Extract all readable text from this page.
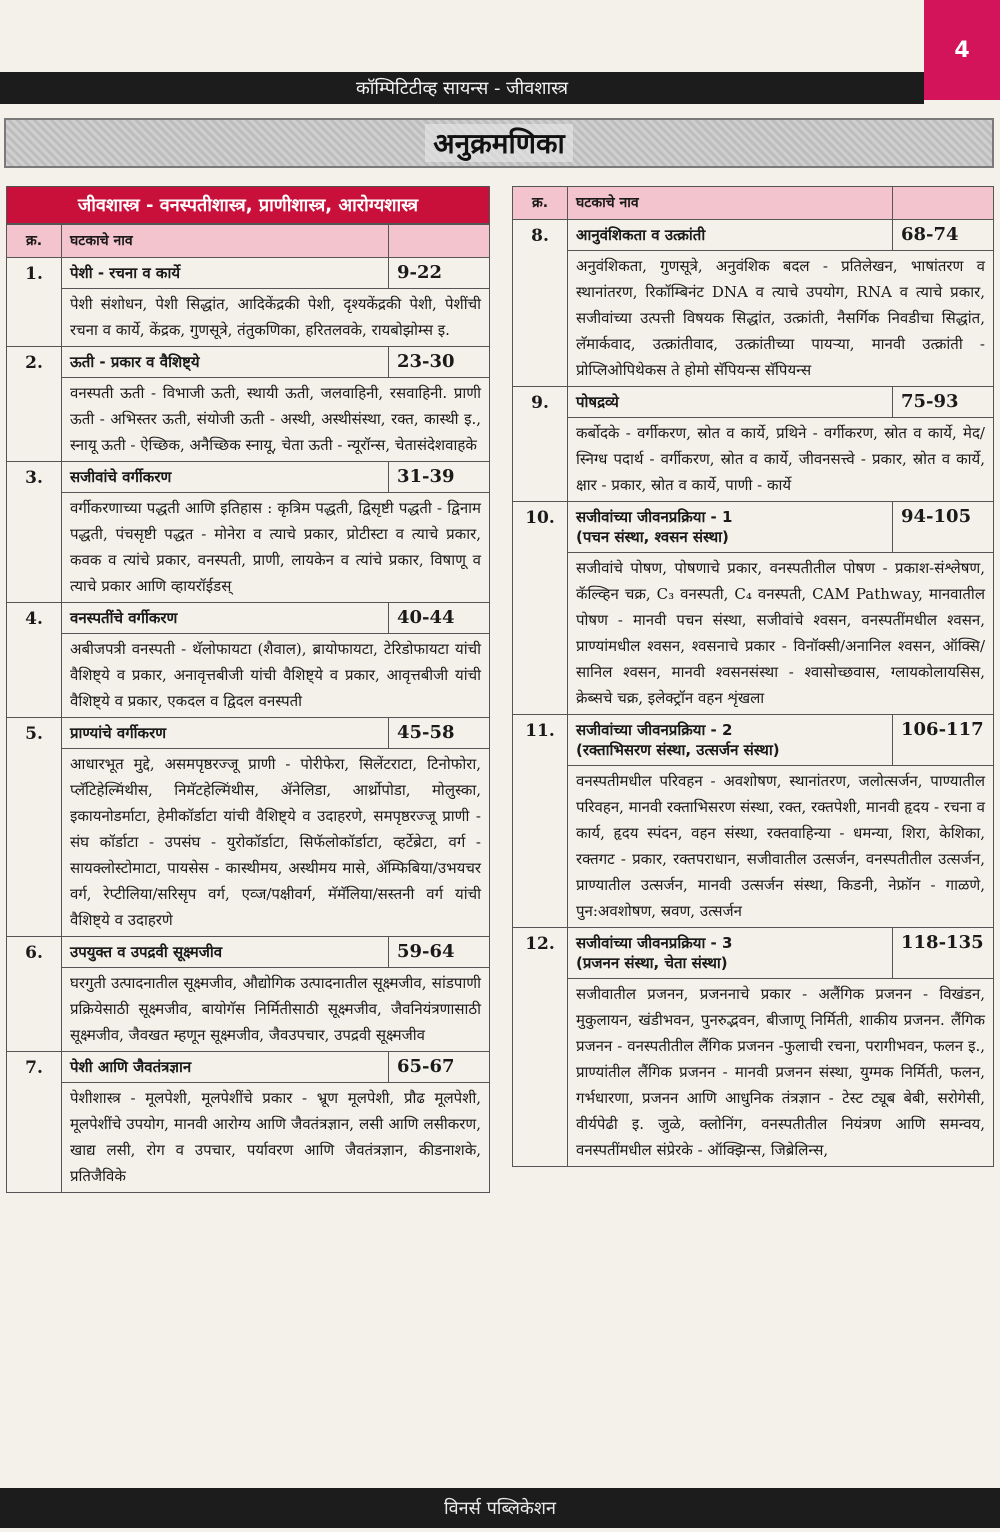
4
कॉम्पिटिटीव्ह सायन्स - जीवशास्त्र
अनुक्रमणिका
जीवशास्त्र - वनस्पतीशास्त्र, प्राणीशास्त्र, आरोग्यशास्त्र
क्र.	घटकाचे नाव	
1.	पेशी - रचना व कार्ये	9-22
	पेशी संशोधन, पेशी सिद्धांत, आदिकेंद्रकी पेशी, दृश्यकेंद्रकी पेशी, पेशींची रचना व कार्ये, केंद्रक, गुणसूत्रे, तंतुकणिका, हरितलवके, रायबोझोम्स इ.	
2.	ऊती - प्रकार व वैशिष्ट्ये	23-30
	वनस्पती ऊती - विभाजी ऊती, स्थायी ऊती, जलवाहिनी, रसवाहिनी. प्राणी ऊती - अभिस्तर ऊती, संयोजी ऊती - अस्थी, अस्थीसंस्था, रक्त, कास्थी इ., स्नायू ऊती - ऐच्छिक, अनैच्छिक स्नायू, चेता ऊती - न्यूरॉन्स, चेतासंदेशवाहके	
3.	सजीवांचे वर्गीकरण	31-39
	वर्गीकरणाच्या पद्धती आणि इतिहास : कृत्रिम पद्धती, द्विसृष्टी पद्धती - द्विनाम पद्धती, पंचसृष्टी पद्धत - मोनेरा व त्याचे प्रकार, प्रोटीस्टा व त्याचे प्रकार, कवक व त्यांचे प्रकार, वनस्पती, प्राणी, लायकेन व त्यांचे प्रकार, विषाणू व त्याचे प्रकार आणि व्हायरॉईडस्	
4.	वनस्पतींचे वर्गीकरण	40-44
	अबीजपत्री वनस्पती - थॅलोफायटा (शैवाल), ब्रायोफायटा, टेरिडोफायटा यांची वैशिष्ट्ये व प्रकार, अनावृत्तबीजी यांची वैशिष्ट्ये व प्रकार, आवृत्तबीजी यांची वैशिष्ट्ये व प्रकार, एकदल व द्विदल वनस्पती	
5.	प्राण्यांचे वर्गीकरण	45-58
	आधारभूत मुद्दे, असमपृष्ठरज्जू प्राणी - पोरीफेरा, सिलेंटराटा, टिनोफोरा, प्लॅटिहेल्मिंथीस, निमॅटहेल्मिंथीस, ॲनेलिडा, आर्थ्रोपोडा, मोलुस्का, इकायनोडर्माटा, हेमीकॉर्डाटा यांची वैशिष्ट्ये व उदाहरणे, समपृष्ठरज्जू प्राणी - संघ कॉर्डाटा - उपसंघ - युरोकॉर्डाटा, सिफॅलोकॉर्डाटा, व्हर्टेब्रेटा, वर्ग - सायक्लोस्टोमाटा, पायसेस - कास्थीमय, अस्थीमय मासे, ॲम्फिबिया/उभयचर वर्ग, रेप्टीलिया/सरिसृप वर्ग, एव्ज/पक्षीवर्ग, मॅमॅलिया/सस्तनी वर्ग यांची वैशिष्ट्ये व उदाहरणे	
6.	उपयुक्त व उपद्रवी सूक्ष्मजीव	59-64
	घरगुती उत्पादनातील सूक्ष्मजीव, औद्योगिक उत्पादनातील सूक्ष्मजीव, सांडपाणी प्रक्रियेसाठी सूक्ष्मजीव, बायोगॅस निर्मितीसाठी सूक्ष्मजीव, जैवनियंत्रणासाठी सूक्ष्मजीव, जैवखत म्हणून सूक्ष्मजीव, जैवउपचार, उपद्रवी सूक्ष्मजीव	
7.	पेशी आणि जैवतंत्रज्ञान	65-67
	पेशीशास्त्र - मूलपेशी, मूलपेशींचे प्रकार - भ्रूण मूलपेशी, प्रौढ मूलपेशी, मूलपेशींचे उपयोग, मानवी आरोग्य आणि जैवतंत्रज्ञान, लसी आणि लसीकरण, खाद्य लसी, रोग व उपचार, पर्यावरण आणि जैवतंत्रज्ञान, कीडनाशके, प्रतिजैविके	
क्र.	घटकाचे नाव	
8.	आनुवंशिकता व उत्क्रांती	68-74
	अनुवंशिकता, गुणसूत्रे, अनुवंशिक बदल - प्रतिलेखन, भाषांतरण व स्थानांतरण, रिकॉम्बिनंट DNA व त्याचे उपयोग, RNA व त्याचे प्रकार, सजीवांच्या उत्पत्ती विषयक सिद्धांत, उत्क्रांती, नैसर्गिक निवडीचा सिद्धांत, लॅमार्कवाद, उत्क्रांतीवाद, उत्क्रांतीच्या पायऱ्या, मानवी उत्क्रांती - प्रोप्लिओपिथेकस ते होमो सॅपियन्स सॅपियन्स	
9.	पोषद्रव्ये	75-93
	कर्बोदके - वर्गीकरण, स्रोत व कार्ये, प्रथिने - वर्गीकरण, स्रोत व कार्ये, मेद/स्निग्ध पदार्थ - वर्गीकरण, स्रोत व कार्ये, जीवनसत्त्वे - प्रकार, स्रोत व कार्ये, क्षार - प्रकार, स्रोत व कार्ये, पाणी - कार्ये	
10.	सजीवांच्या जीवनप्रक्रिया - 1
(पचन संस्था, श्‍वसन संस्था)	94-105
	सजीवांचे पोषण, पोषणाचे प्रकार, वनस्पतीतील पोषण - प्रकाश-संश्लेषण, कॅल्व्हिन चक्र, C₃ वनस्पती, C₄ वनस्पती, CAM Pathway, मानवातील पोषण - मानवी पचन संस्था, सजीवांचे श्‍वसन, वनस्पतींमधील श्‍वसन, प्राण्यांमधील श्‍वसन, श्‍वसनाचे प्रकार - विनॉक्सी/अनानिल श्‍वसन, ऑक्सि/सानिल श्‍वसन, मानवी श्‍वसनसंस्था - श्‍वासोच्छवास, ग्लायकोलायसिस, क्रेब्सचे चक्र, इलेक्ट्रॉन वहन शृंखला	
11.	सजीवांच्या जीवनप्रक्रिया - 2
(रक्ताभिसरण संस्था, उत्सर्जन संस्था)	106-117
	वनस्पतीमधील परिवहन - अवशोषण, स्थानांतरण, जलोत्सर्जन, पाण्यातील परिवहन, मानवी रक्ताभिसरण संस्था, रक्त, रक्तपेशी, मानवी हृदय - रचना व कार्य, हृदय स्पंदन, वहन संस्था, रक्तवाहिन्या - धमन्या, शिरा, केशिका, रक्तगट - प्रकार, रक्तपराधान, सजीवातील उत्सर्जन, वनस्पतीतील उत्सर्जन, प्राण्यातील उत्सर्जन, मानवी उत्सर्जन संस्था, किडनी, नेफ्रॉन - गाळणे, पुन:अवशोषण, स्रवण, उत्सर्जन	
12.	सजीवांच्या जीवनप्रक्रिया - 3
(प्रजनन संस्था, चेता संस्था)	118-135
	सजीवातील प्रजनन, प्रजननाचे प्रकार - अलैंगिक प्रजनन - विखंडन, मुकुलायन, खंडीभवन, पुनरुद्भवन, बीजाणू निर्मिती, शाकीय प्रजनन. लैंगिक प्रजनन - वनस्पतीतील लैंगिक प्रजनन -फुलाची रचना, परागीभवन, फलन इ., प्राण्यांतील लैंगिक प्रजनन - मानवी प्रजनन संस्था, युग्मक निर्मिती, फलन, गर्भधारणा, प्रजनन आणि आधुनिक तंत्रज्ञान - टेस्ट ट्यूब बेबी, सरोगेसी, वीर्यपेढी इ. जुळे, क्लोनिंग, वनस्पतीतील नियंत्रण आणि समन्वय, वनस्पतींमधील संप्रेरके - ऑक्झिन्स, जिब्रेलिन्स,	
विनर्स पब्लिकेशन
